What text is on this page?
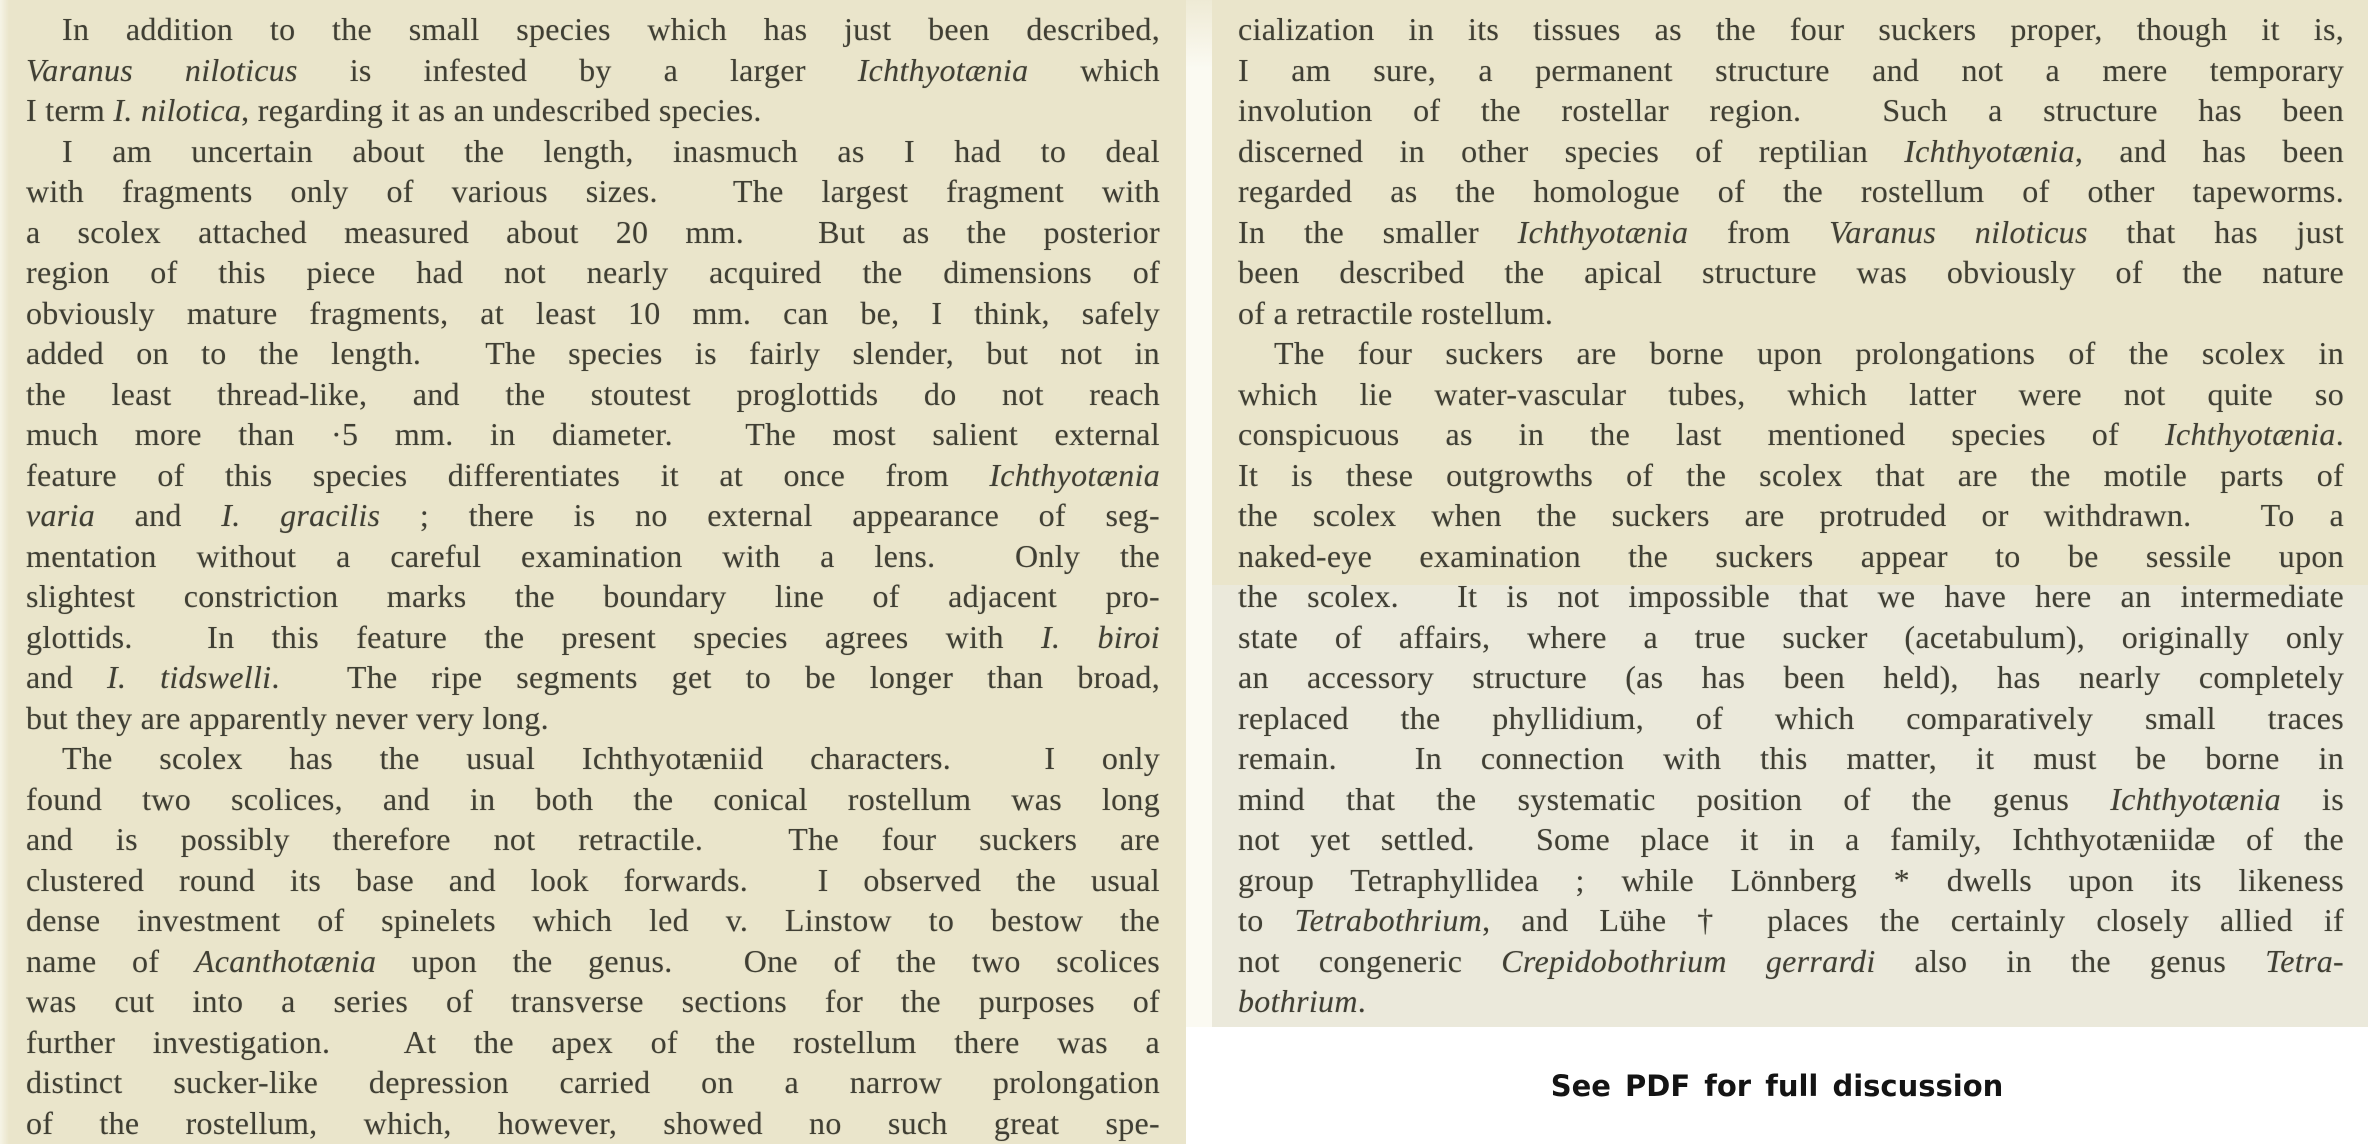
In addition to the small species which has just been described,
Varanus niloticus is infested by a larger Ichthyotænia which
I term I. nilotica, regarding it as an undescribed species.
I am uncertain about the length, inasmuch as I had to deal
with fragments only of various sizes.  The largest fragment with
a scolex attached measured about 20 mm.  But as the posterior
region of this piece had not nearly acquired the dimensions of
obviously mature fragments, at least 10 mm. can be, I think, safely
added on to the length.  The species is fairly slender, but not in
the least thread-like, and the stoutest proglottids do not reach
much more than ·5 mm. in diameter.  The most salient external
feature of this species differentiates it at once from Ichthyotænia
varia and I. gracilis ; there is no external appearance of seg-
mentation without a careful examination with a lens.  Only the
slightest constriction marks the boundary line of adjacent pro-
glottids.  In this feature the present species agrees with I. biroi
and I. tidswelli.  The ripe segments get to be longer than broad,
but they are apparently never very long.
The scolex has the usual Ichthyotæniid characters.  I only
found two scolices, and in both the conical rostellum was long
and is possibly therefore not retractile.  The four suckers are
clustered round its base and look forwards.  I observed the usual
dense investment of spinelets which led v. Linstow to bestow the
name of Acanthotænia upon the genus.  One of the two scolices
was cut into a series of transverse sections for the purposes of
further investigation.  At the apex of the rostellum there was a
distinct sucker-like depression carried on a narrow prolongation
of the rostellum, which, however, showed no such great spe-
cialization in its tissues as the four suckers proper, though it is,
I am sure, a permanent structure and not a mere temporary
involution of the rostellar region.  Such a structure has been
discerned in other species of reptilian Ichthyotænia, and has been
regarded as the homologue of the rostellum of other tapeworms.
In the smaller Ichthyotænia from Varanus niloticus that has just
been described the apical structure was obviously of the nature
of a retractile rostellum.
The four suckers are borne upon prolongations of the scolex in
which lie water-vascular tubes, which latter were not quite so
conspicuous as in the last mentioned species of Ichthyotænia.
It is these outgrowths of the scolex that are the motile parts of
the scolex when the suckers are protruded or withdrawn.  To a
naked-eye examination the suckers appear to be sessile upon
the scolex.  It is not impossible that we have here an intermediate
state of affairs, where a true sucker (acetabulum), originally only
an accessory structure (as has been held), has nearly completely
replaced the phyllidium, of which comparatively small traces
remain.  In connection with this matter, it must be borne in
mind that the systematic position of the genus Ichthyotænia is
not yet settled.  Some place it in a family, Ichthyotæniidæ of the
group Tetraphyllidea ; while Lönnberg * dwells upon its likeness
to Tetrabothrium, and Lühe † places the certainly closely allied if
not congeneric Crepidobothrium gerrardi also in the genus Tetra-
bothrium.
See PDF for full discussion
